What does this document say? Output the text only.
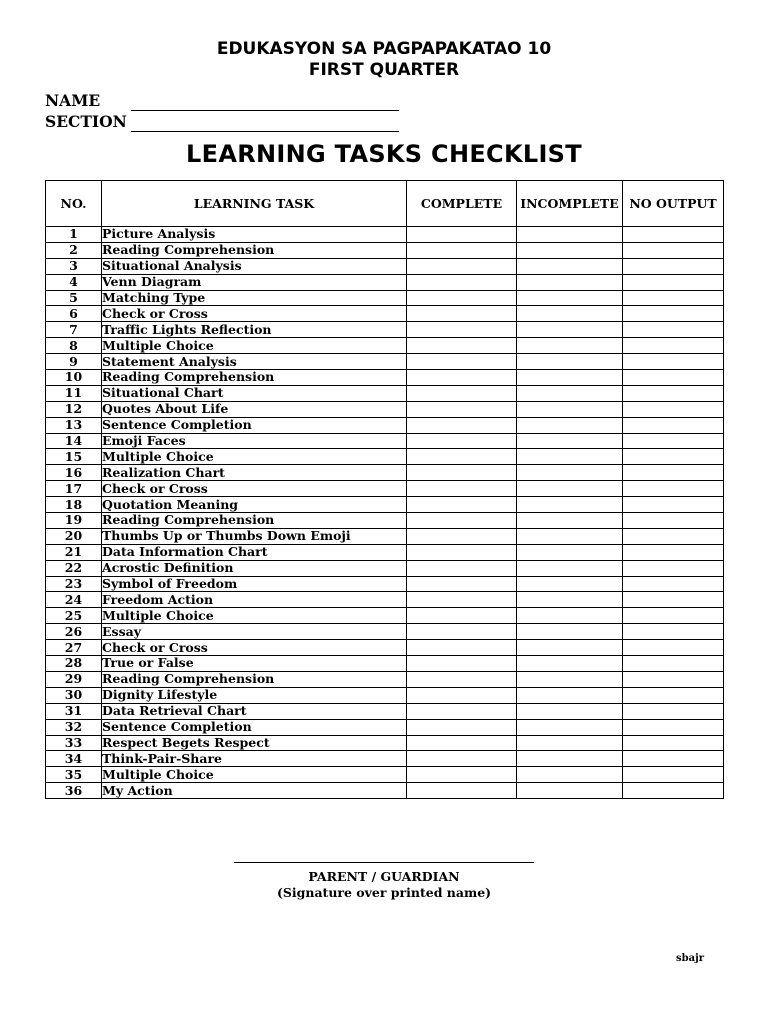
EDUKASYON SA PAGPAPAKATAO 10
FIRST QUARTER
NAME
SECTION
LEARNING TASKS CHECKLIST
NO.	LEARNING TASK	COMPLETE	INCOMPLETE	NO OUTPUT
1	Picture Analysis			
2	Reading Comprehension			
3	Situational Analysis			
4	Venn Diagram			
5	Matching Type			
6	Check or Cross			
7	Traffic Lights Reflection			
8	Multiple Choice			
9	Statement Analysis			
10	Reading Comprehension			
11	Situational Chart			
12	Quotes About Life			
13	Sentence Completion			
14	Emoji Faces			
15	Multiple Choice			
16	Realization Chart			
17	Check or Cross			
18	Quotation Meaning			
19	Reading Comprehension			
20	Thumbs Up or Thumbs Down Emoji			
21	Data Information Chart			
22	Acrostic Definition			
23	Symbol of Freedom			
24	Freedom Action			
25	Multiple Choice			
26	Essay			
27	Check or Cross			
28	True or False			
29	Reading Comprehension			
30	Dignity Lifestyle			
31	Data Retrieval Chart			
32	Sentence Completion			
33	Respect Begets Respect			
34	Think-Pair-Share			
35	Multiple Choice			
36	My Action			
PARENT / GUARDIAN
(Signature over printed name)
sbajr
